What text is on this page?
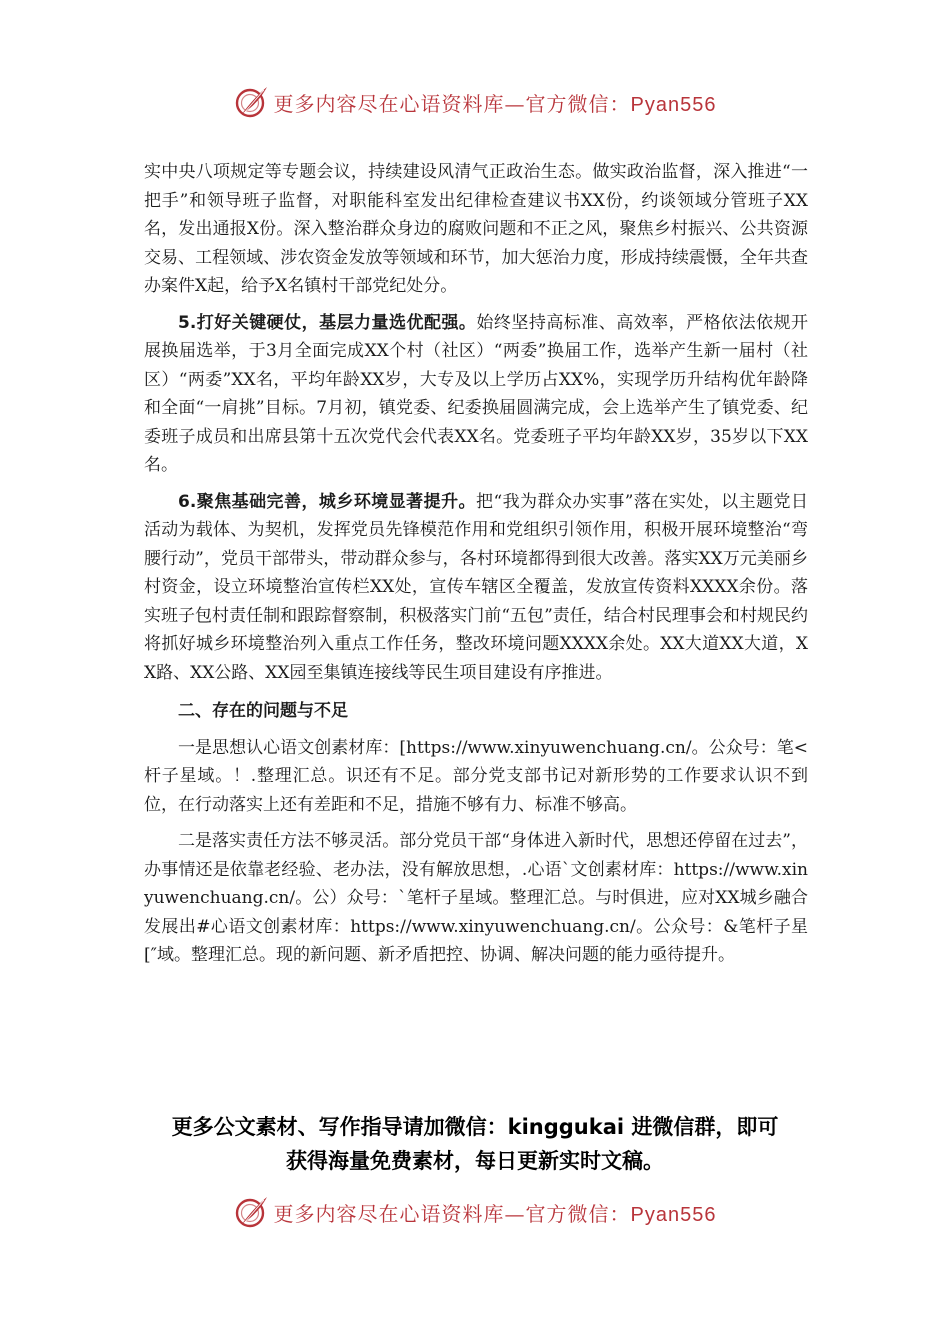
更多内容尽在心语资料库—官方微信：Pyan556

实中央八项规定等专题会议，持续建设风清气正政治生态。做实政治监督，深入推进“一把手”和领导班子监督，对职能科室发出纪律检查建议书XX份，约谈领域分管班子XX名，发出通报X份。深入整治群众身边的腐败问题和不正之风，聚焦乡村振兴、公共资源交易、工程领域、涉农资金发放等领域和环节，加大惩治力度，形成持续震慑，全年共查办案件X起，给予X名镇村干部党纪处分。

5.打好关键硬仗，基层力量选优配强。始终坚持高标准、高效率，严格依法依规开展换届选举，于3月全面完成XX个村（社区）“两委”换届工作，选举产生新一届村（社区）“两委”XX名，平均年龄XX岁，大专及以上学历占XX%，实现学历升结构优年龄降和全面“一肩挑”目标。7月初，镇党委、纪委换届圆满完成，会上选举产生了镇党委、纪委班子成员和出席县第十五次党代会代表XX名。党委班子平均年龄XX岁，35岁以下XX名。

6.聚焦基础完善，城乡环境显著提升。把“我为群众办实事”落在实处，以主题党日活动为载体、为契机，发挥党员先锋模范作用和党组织引领作用，积极开展环境整治“弯腰行动”，党员干部带头，带动群众参与，各村环境都得到很大改善。落实XX万元美丽乡村资金，设立环境整治宣传栏XX处，宣传车辖区全覆盖，发放宣传资料XXXX余份。落实班子包村责任制和跟踪督察制，积极落实门前“五包”责任，结合村民理事会和村规民约将抓好城乡环境整治列入重点工作任务，整改环境问题XXXX余处。XX大道XX大道，XX路、XX公路、XX园至集镇连接线等民生项目建设有序推进。

二、存在的问题与不足

一是思想认心语文创素材库：[https://www.xinyuwenchuang.cn/。公众号：笔<杆子星域。！.整理汇总。识还有不足。部分党支部书记对新形势的工作要求认识不到位，在行动落实上还有差距和不足，措施不够有力、标准不够高。

二是落实责任方法不够灵活。部分党员干部“身体进入新时代，思想还停留在过去”，办事情还是依靠老经验、老办法，没有解放思想，.心语`文创素材库：https://www.xinyuwenchuang.cn/。公）众号：`笔杆子星域。整理汇总。与时俱进，应对XX城乡融合发展出#心语文创素材库：https://www.xinyuwenchuang.cn/。公众号：&笔杆子星[″域。整理汇总。现的新问题、新矛盾把控、协调、解决问题的能力亟待提升。

更多公文素材、写作指导请加微信：kinggukai 进微信群，即可
获得海量免费素材，每日更新实时文稿。
更多内容尽在心语资料库—官方微信：Pyan556
